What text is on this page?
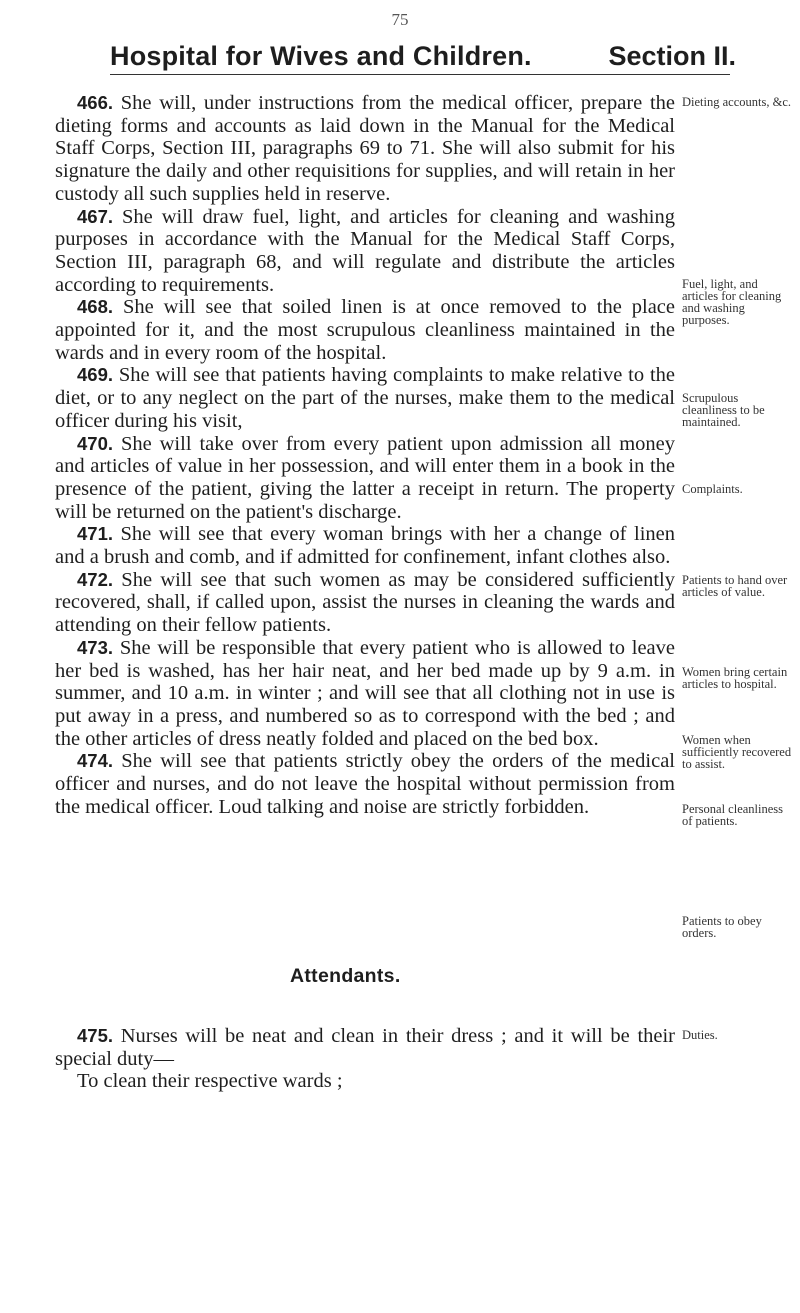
75
Hospital for Wives and Children.	Section II.

466. She will, under instructions from the medical officer, prepare the dieting forms and accounts as laid down in the Manual for the Medical Staff Corps, Section III, paragraphs 69 to 71. She will also submit for his signature the daily and other requisitions for supplies, and will retain in her custody all such supplies held in reserve.

467. She will draw fuel, light, and articles for cleaning and washing purposes in accordance with the Manual for the Medical Staff Corps, Section III, paragraph 68, and will regulate and distribute the articles according to requirements.

468. She will see that soiled linen is at once removed to the place appointed for it, and the most scrupulous cleanliness maintained in the wards and in every room of the hospital.

469. She will see that patients having complaints to make relative to the diet, or to any neglect on the part of the nurses, make them to the medical officer during his visit,

470. She will take over from every patient upon admission all money and articles of value in her possession, and will enter them in a book in the presence of the patient, giving the latter a receipt in return. The property will be returned on the patient's discharge.

471. She will see that every woman brings with her a change of linen and a brush and comb, and if admitted for confinement, infant clothes also.

472. She will see that such women as may be considered sufficiently recovered, shall, if called upon, assist the nurses in cleaning the wards and attending on their fellow patients.

473. She will be responsible that every patient who is allowed to leave her bed is washed, has her hair neat, and her bed made up by 9 a.m. in summer, and 10 a.m. in winter ; and will see that all clothing not in use is put away in a press, and numbered so as to correspond with the bed ; and the other articles of dress neatly folded and placed on the bed box.

474. She will see that patients strictly obey the orders of the medical officer and nurses, and do not leave the hospital without permission from the medical officer. Loud talking and noise are strictly forbidden.

Dieting accounts, &c.
Fuel, light, and articles for cleaning and washing purposes.
Scrupulous cleanliness to be maintained.
Complaints.
Patients to hand over articles of value.
Women bring certain articles to hospital.
Women when sufficiently recovered to assist.
Personal cleanliness of patients.
Patients to obey orders.
Duties.
Attendants.

475. Nurses will be neat and clean in their dress ; and it will be their special duty—

To clean their respective wards ;
